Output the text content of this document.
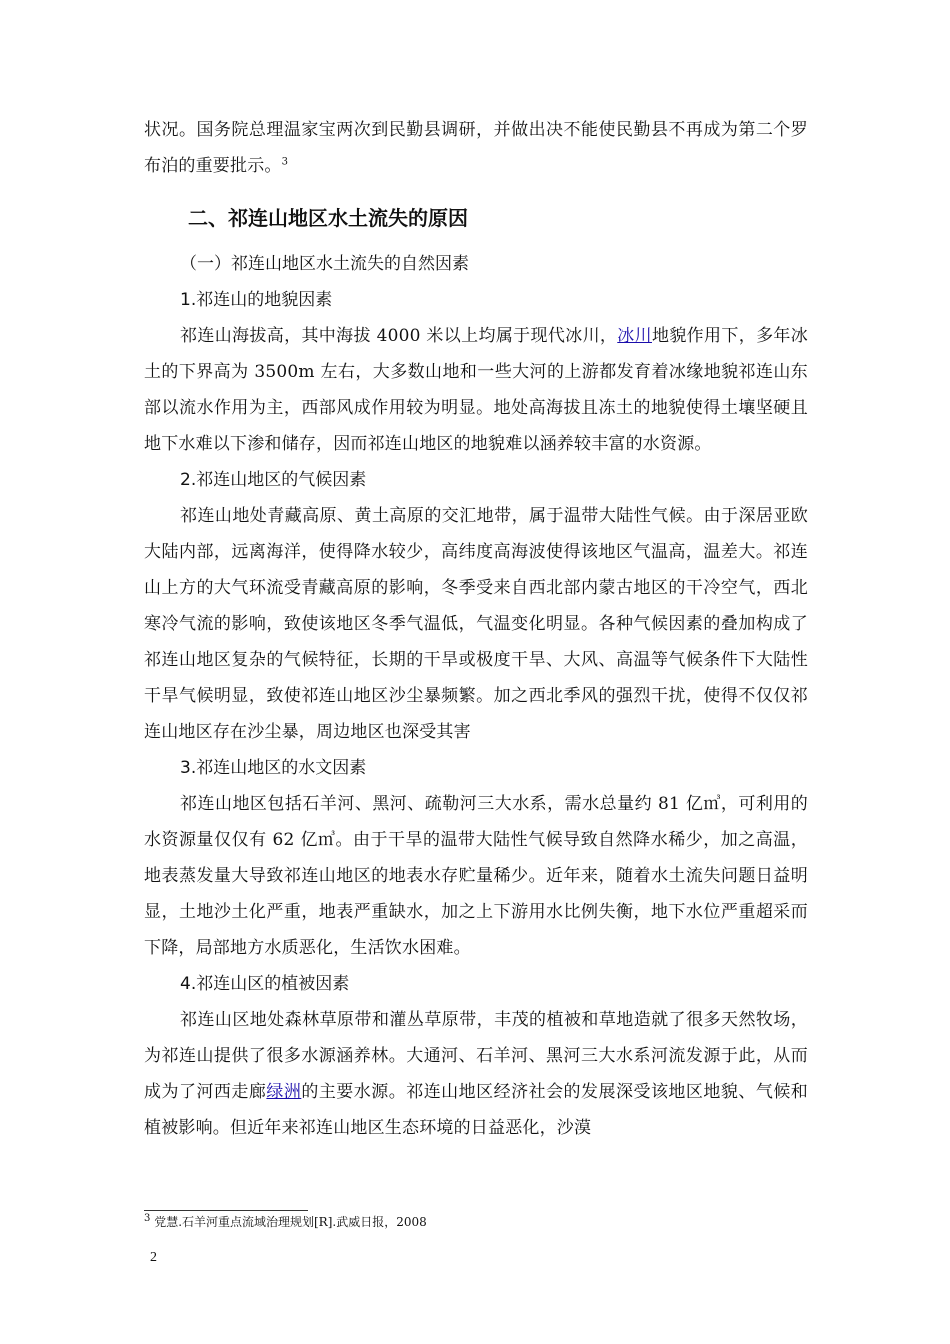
状况。国务院总理温家宝两次到民勤县调研，并做出决不能使民勤县不再成为第二个罗布泊的重要批示。$^3$

二、祁连山地区水土流失的原因
（一）祁连山地区水土流失的自然因素
1.祁连山的地貌因素

祁连山海拔高，其中海拔 4000 米以上均属于现代冰川，冰川地貌作用下，多年冰土的下界高为 3500m 左右，大多数山地和一些大河的上游都发育着冰缘地貌祁连山东部以流水作用为主，西部风成作用较为明显。地处高海拔且冻土的地貌使得土壤坚硬且地下水难以下渗和储存，因而祁连山地区的地貌难以涵养较丰富的水资源。

2.祁连山地区的气候因素

祁连山地处青藏高原、黄土高原的交汇地带，属于温带大陆性气候。由于深居亚欧大陆内部，远离海洋，使得降水较少，高纬度高海波使得该地区气温高，温差大。祁连山上方的大气环流受青藏高原的影响，冬季受来自西北部内蒙古地区的干冷空气，西北寒冷气流的影响，致使该地区冬季气温低，气温变化明显。各种气候因素的叠加构成了祁连山地区复杂的气候特征，长期的干旱或极度干旱、大风、高温等气候条件下大陆性干旱气候明显，致使祁连山地区沙尘暴频繁。加之西北季风的强烈干扰，使得不仅仅祁连山地区存在沙尘暴，周边地区也深受其害

3.祁连山地区的水文因素

祁连山地区包括石羊河、黑河、疏勒河三大水系，需水总量约 81 亿㎥，可利用的水资源量仅仅有 62 亿㎥。由于干旱的温带大陆性气候导致自然降水稀少，加之高温，地表蒸发量大导致祁连山地区的地表水存贮量稀少。近年来，随着水土流失问题日益明显，土地沙土化严重，地表严重缺水，加之上下游用水比例失衡，地下水位严重超采而下降，局部地方水质恶化，生活饮水困难。

4.祁连山区的植被因素

祁连山区地处森林草原带和灌丛草原带，丰茂的植被和草地造就了很多天然牧场，为祁连山提供了很多水源涵养林。大通河、石羊河、黑河三大水系河流发源于此，从而成为了河西走廊绿洲的主要水源。祁连山地区经济社会的发展深受该地区地貌、气候和植被影响。但近年来祁连山地区生态环境的日益恶化，沙漠

$^3$ 党慧.石羊河重点流域治理规划[R].武威日报，2008
2
